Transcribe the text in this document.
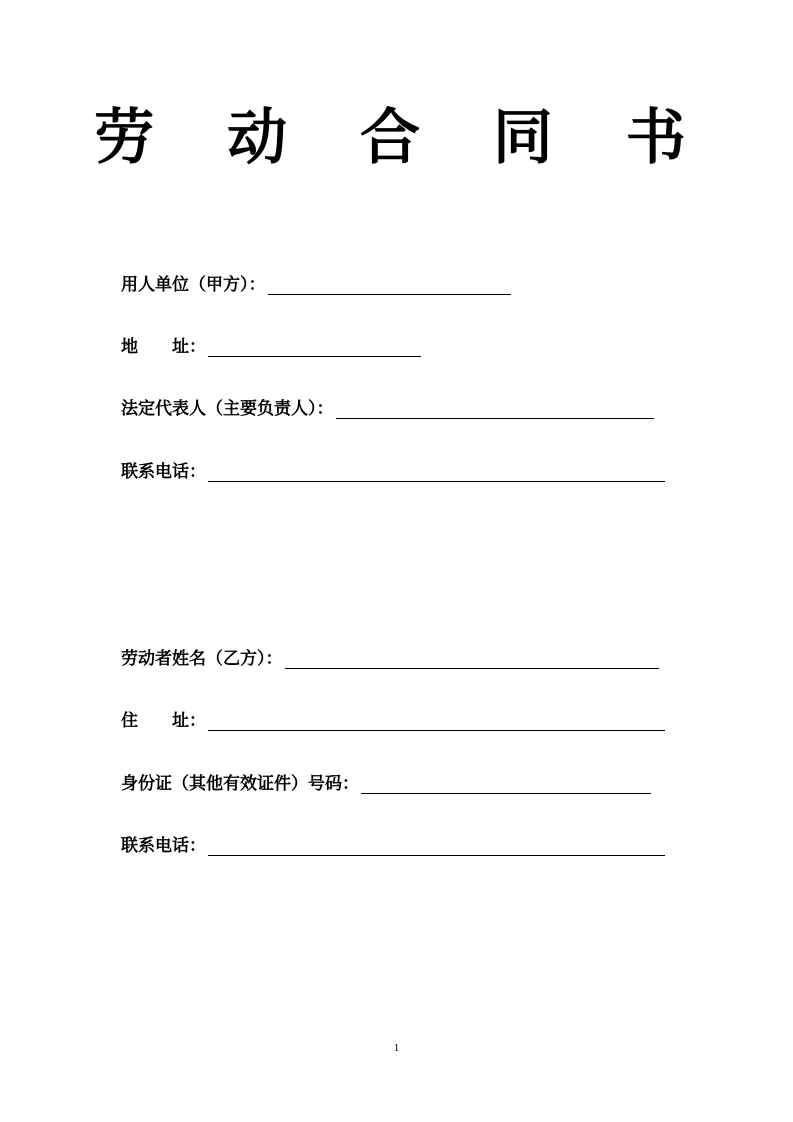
劳 动 合 同 书
用人单位（甲方）：
地 址：
法定代表人（主要负责人）：
联系电话：
劳动者姓名（乙方）：
住 址：
身份证（其他有效证件）号码：
联系电话：
1
